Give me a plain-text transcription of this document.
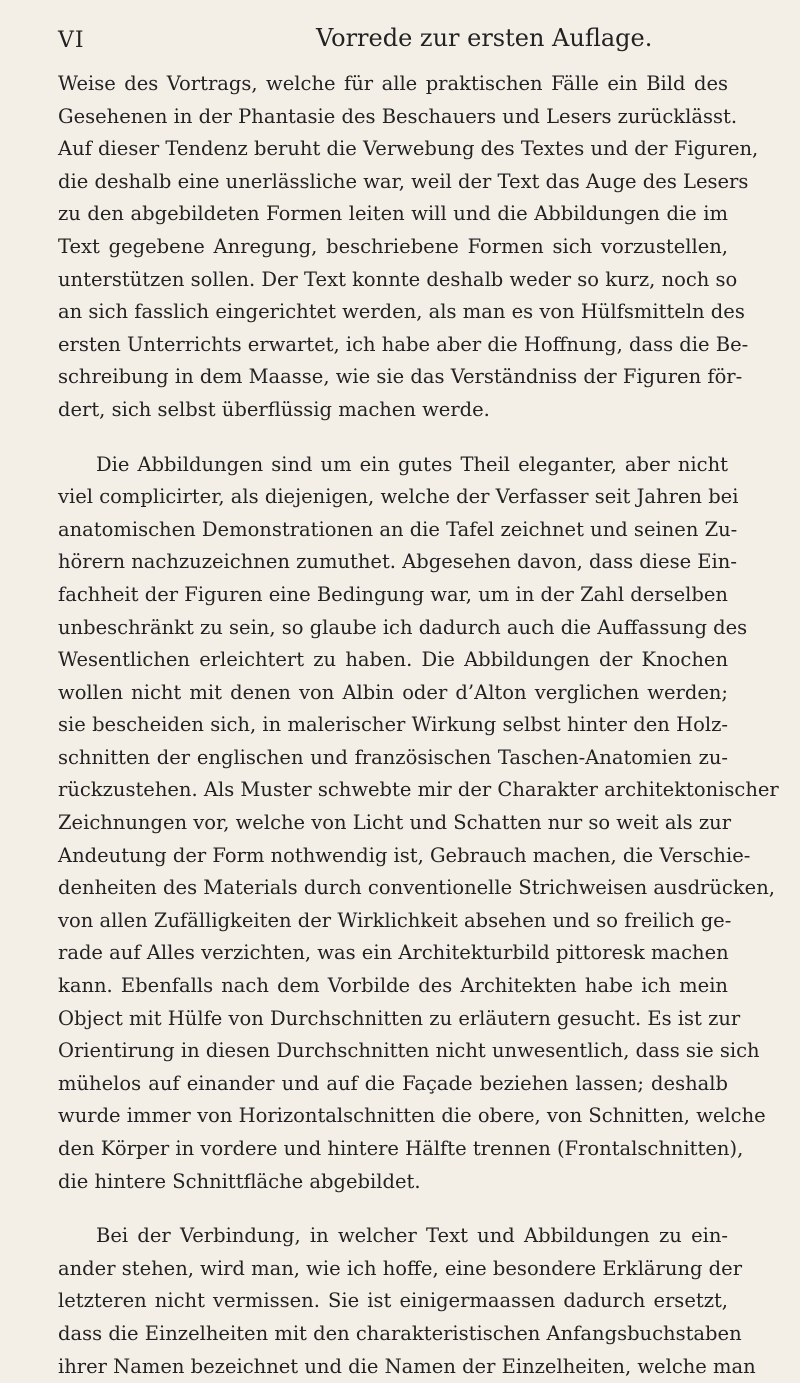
VI	Vorrede zur ersten Auflage.
Weise des Vortrags, welche für alle praktischen Fälle ein Bild des
Gesehenen in der Phantasie des Beschauers und Lesers zurücklässt.
Auf dieser Tendenz beruht die Verwebung des Textes und der Figuren,
die deshalb eine unerlässliche war, weil der Text das Auge des Lesers
zu den abgebildeten Formen leiten will und die Abbildungen die im
Text gegebene Anregung, beschriebene Formen sich vorzustellen,
unterstützen sollen. Der Text konnte deshalb weder so kurz, noch so
an sich fasslich eingerichtet werden, als man es von Hülfsmitteln des
ersten Unterrichts erwartet, ich habe aber die Hoffnung, dass die Be-
schreibung in dem Maasse, wie sie das Verständniss der Figuren för-
dert, sich selbst überflüssig machen werde.
Die Abbildungen sind um ein gutes Theil eleganter, aber nicht
viel complicirter, als diejenigen, welche der Verfasser seit Jahren bei
anatomischen Demonstrationen an die Tafel zeichnet und seinen Zu-
hörern nachzuzeichnen zumuthet. Abgesehen davon, dass diese Ein-
fachheit der Figuren eine Bedingung war, um in der Zahl derselben
unbeschränkt zu sein, so glaube ich dadurch auch die Auffassung des
Wesentlichen erleichtert zu haben. Die Abbildungen der Knochen
wollen nicht mit denen von Albin oder d’Alton verglichen werden;
sie bescheiden sich, in malerischer Wirkung selbst hinter den Holz-
schnitten der englischen und französischen Taschen-Anatomien zu-
rückzustehen. Als Muster schwebte mir der Charakter architektonischer
Zeichnungen vor, welche von Licht und Schatten nur so weit als zur
Andeutung der Form nothwendig ist, Gebrauch machen, die Verschie-
denheiten des Materials durch conventionelle Strichweisen ausdrücken,
von allen Zufälligkeiten der Wirklichkeit absehen und so freilich ge-
rade auf Alles verzichten, was ein Architekturbild pittoresk machen
kann. Ebenfalls nach dem Vorbilde des Architekten habe ich mein
Object mit Hülfe von Durchschnitten zu erläutern gesucht. Es ist zur
Orientirung in diesen Durchschnitten nicht unwesentlich, dass sie sich
mühelos auf einander und auf die Façade beziehen lassen; deshalb
wurde immer von Horizontalschnitten die obere, von Schnitten, welche
den Körper in vordere und hintere Hälfte trennen (Frontalschnitten),
die hintere Schnittfläche abgebildet.
Bei der Verbindung, in welcher Text und Abbildungen zu ein-
ander stehen, wird man, wie ich hoffe, eine besondere Erklärung der
letzteren nicht vermissen. Sie ist einigermaassen dadurch ersetzt,
dass die Einzelheiten mit den charakteristischen Anfangsbuchstaben
ihrer Namen bezeichnet und die Namen der Einzelheiten, welche man
